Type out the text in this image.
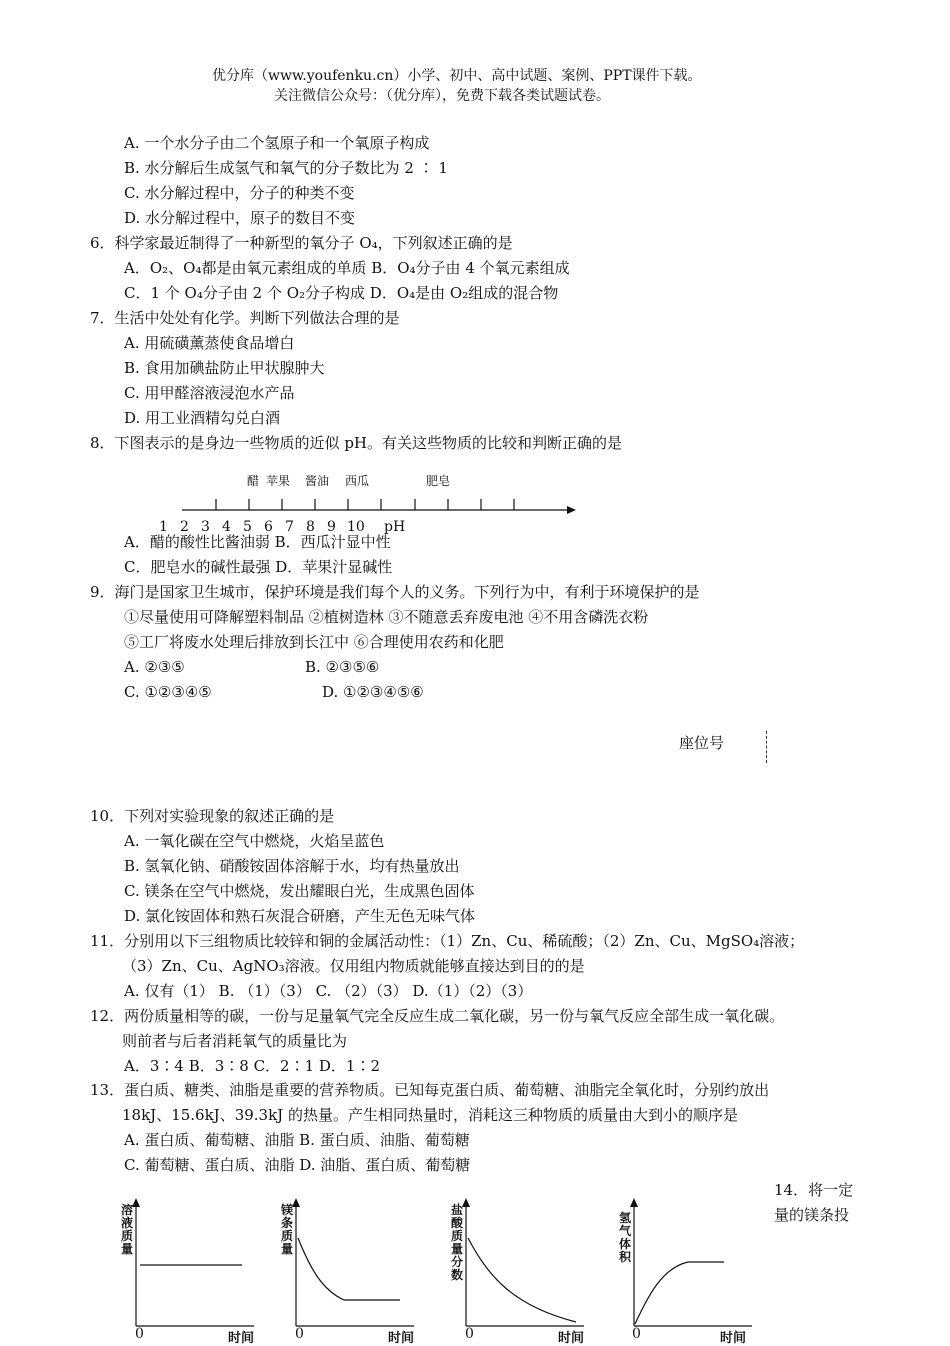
优分库（www.youfenku.cn）小学、初中、高中试题、案例、PPT课件下载。
关注微信公众号：（优分库），免费下载各类试题试卷。
A. 一个水分子由二个氢原子和一个氧原子构成
B. 水分解后生成氢气和氧气的分子数比为 2 ∶ 1
C. 水分解过程中，分子的种类不变
D. 水分解过程中，原子的数目不变
6．科学家最近制得了一种新型的氧分子 O₄，下列叙述正确的是
A．O₂、O₄都是由氧元素组成的单质 B．O₄分子由 4 个氧元素组成
C．1 个 O₄分子由 2 个 O₂分子构成 D．O₄是由 O₂组成的混合物
7．生活中处处有化学。判断下列做法合理的是
A. 用硫磺薰蒸使食品增白
B. 食用加碘盐防止甲状腺肿大
C. 用甲醛溶液浸泡水产品
D. 用工业酒精勾兑白酒
8．下图表示的是身边一些物质的近似 pH。有关这些物质的比较和判断正确的是
醋 苹果 酱油 西瓜	肥皂
1 2 3 4 5 6 7 8 9 10 pH
A．醋的酸性比酱油弱 B．西瓜汁显中性
C．肥皂水的碱性最强 D．苹果汁显碱性
9．海门是国家卫生城市，保护环境是我们每个人的义务。下列行为中，有利于环境保护的是
①尽量使用可降解塑料制品 ②植树造林 ③不随意丢弃废电池 ④不用含磷洗衣粉
⑤工厂将废水处理后排放到长江中 ⑥合理使用农药和化肥
A. ②③⑤	B. ②③⑤⑥
C. ①②③④⑤	D. ①②③④⑤⑥
座位号
10．下列对实验现象的叙述正确的是
A. 一氧化碳在空气中燃烧，火焰呈蓝色
B. 氢氧化钠、硝酸铵固体溶解于水，均有热量放出
C. 镁条在空气中燃烧，发出耀眼白光，生成黑色固体
D. 氯化铵固体和熟石灰混合研磨，产生无色无味气体
11．分别用以下三组物质比较锌和铜的金属活动性：（1）Zn、Cu、稀硫酸；（2）Zn、Cu、MgSO₄溶液；
（3）Zn、Cu、AgNO₃溶液。仅用组内物质就能够直接达到目的的是
A. 仅有（1） B. （1）（3） C. （2）（3） D.（1）（2）（3）
12．两份质量相等的碳，一份与足量氧气完全反应生成二氧化碳，另一份与氧气反应全部生成一氧化碳。
则前者与后者消耗氧气的质量比为
A．3∶4 B．3∶8 C．2∶1 D．1∶2
13．蛋白质、糖类、油脂是重要的营养物质。已知每克蛋白质、葡萄糖、油脂完全氧化时，分别约放出
18kJ、15.6kJ、39.3kJ 的热量。产生相同热量时，消耗这三种物质的质量由大到小的顺序是
A. 蛋白质、葡萄糖、油脂 B. 蛋白质、油脂、葡萄糖
C. 葡萄糖、蛋白质、油脂 D. 油脂、蛋白质、葡萄糖
14．将一定
量的镁条投
溶液质量
0	时间
镁条质量
0	时间
盐酸质量分数
0	时间
氢气体积
0	时间
